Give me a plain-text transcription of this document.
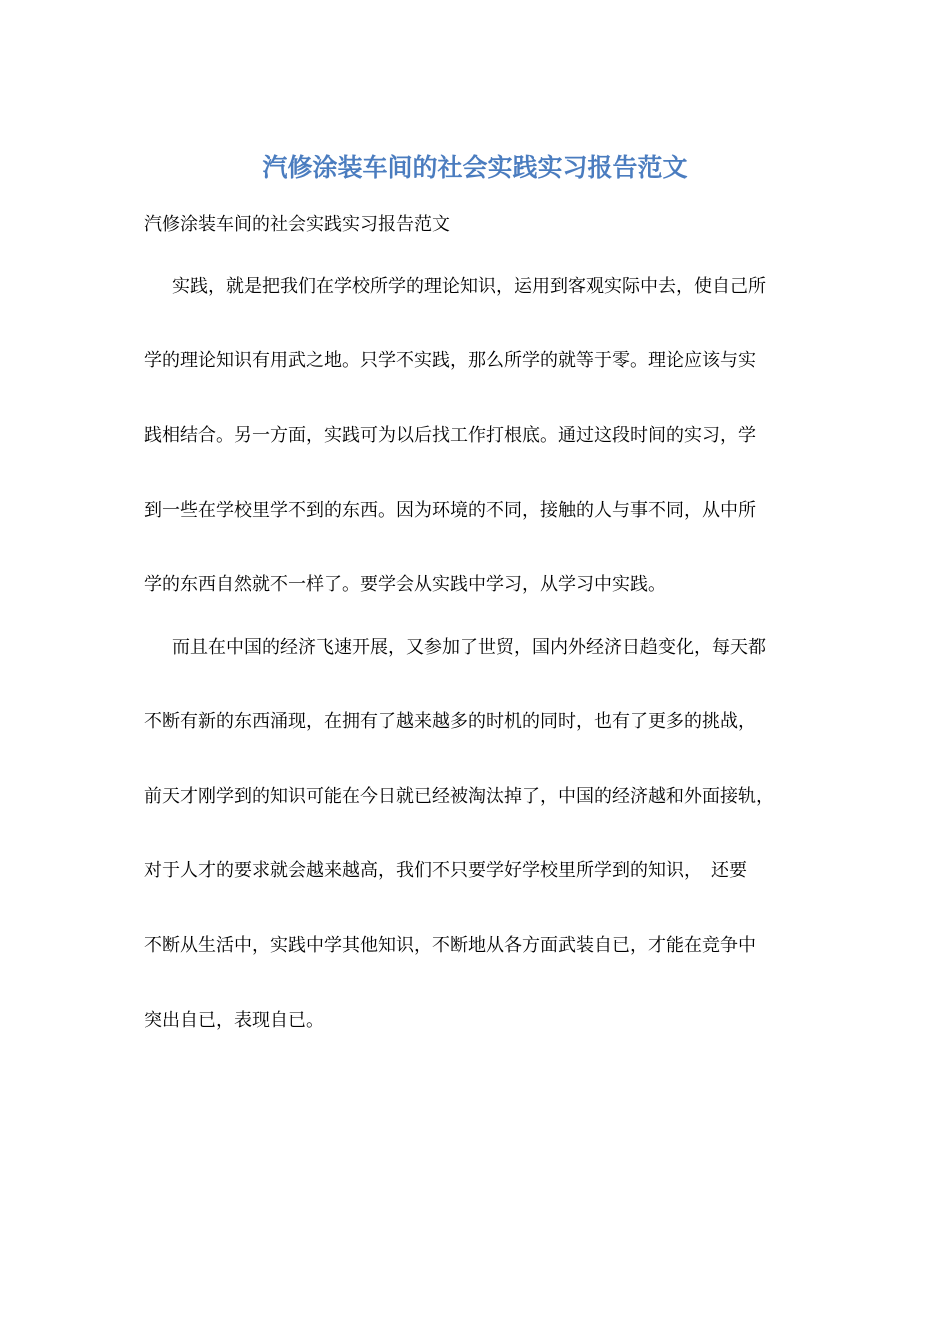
汽修涂装车间的社会实践实习报告范文
汽修涂装车间的社会实践实习报告范文
实践，就是把我们在学校所学的理论知识，运用到客观实际中去，使自己所
学的理论知识有用武之地。只学不实践，那么所学的就等于零。理论应该与实
践相结合。另一方面，实践可为以后找工作打根底。通过这段时间的实习，学
到一些在学校里学不到的东西。因为环境的不同，接触的人与事不同，从中所
学的东西自然就不一样了。要学会从实践中学习，从学习中实践。
而且在中国的经济飞速开展，又参加了世贸，国内外经济日趋变化，每天都
不断有新的东西涌现，在拥有了越来越多的时机的同时，也有了更多的挑战，
前天才刚学到的知识可能在今日就已经被淘汰掉了，中国的经济越和外面接轨，
对于人才的要求就会越来越高，我们不只要学好学校里所学到的知识，　还要
不断从生活中，实践中学其他知识，不断地从各方面武装自已，才能在竞争中
突出自已，表现自已。
